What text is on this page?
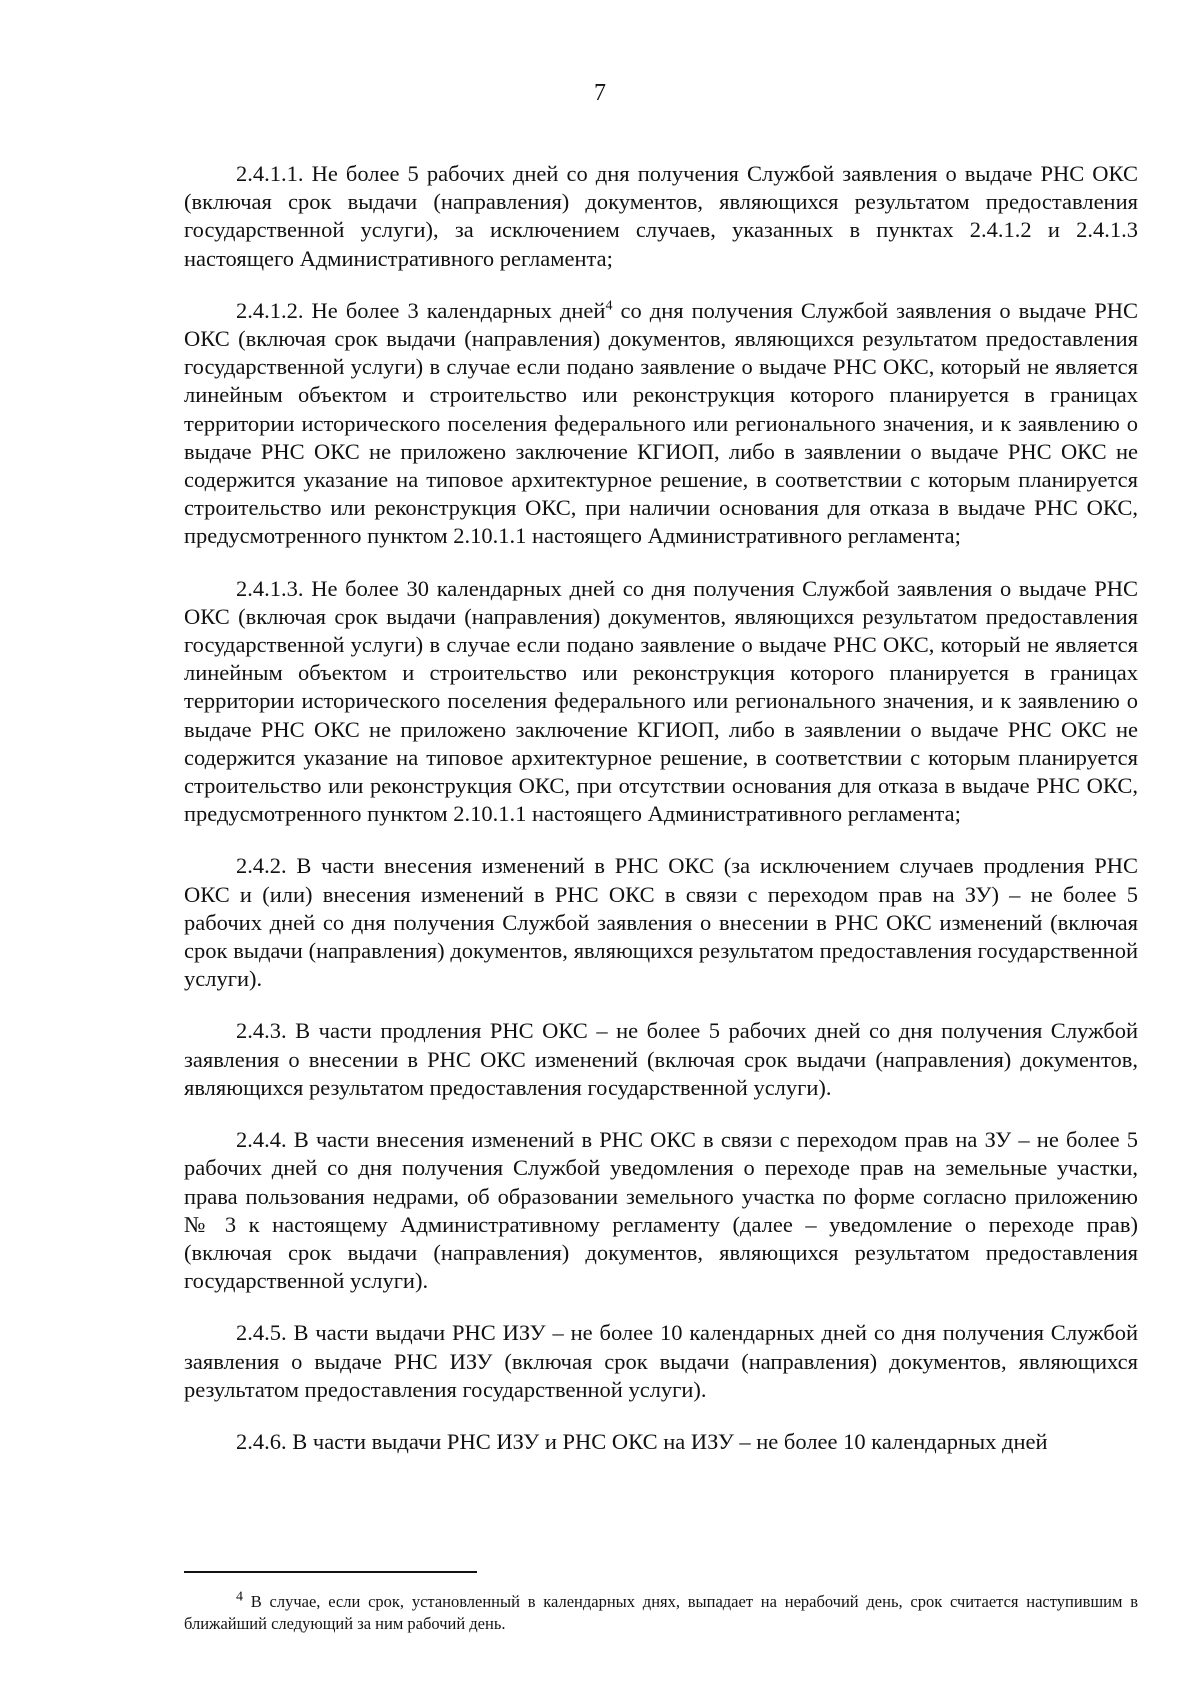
7

2.4.1.1. Не более 5 рабочих дней со дня получения Службой заявления о выдаче РНС ОКС (включая срок выдачи (направления) документов, являющихся результатом предоставления государственной услуги), за исключением случаев, указанных в пунктах 2.4.1.2 и 2.4.1.3 настоящего Административного регламента;

2.4.1.2. Не более 3 календарных дней$^4$ со дня получения Службой заявления о выдаче РНС ОКС (включая срок выдачи (направления) документов, являющихся результатом предоставления государственной услуги) в случае если подано заявление о выдаче РНС ОКС, который не является линейным объектом и строительство или реконструкция которого планируется в границах территории исторического поселения федерального или регионального значения, и к заявлению о выдаче РНС ОКС не приложено заключение КГИОП, либо в заявлении о выдаче РНС ОКС не содержится указание на типовое архитектурное решение, в соответствии с которым планируется строительство или реконструкция ОКС, при наличии основания для отказа в выдаче РНС ОКС, предусмотренного пунктом 2.10.1.1 настоящего Административного регламента;

2.4.1.3. Не более 30 календарных дней со дня получения Службой заявления о выдаче РНС ОКС (включая срок выдачи (направления) документов, являющихся результатом предоставления государственной услуги) в случае если подано заявление о выдаче РНС ОКС, который не является линейным объектом и строительство или реконструкция которого планируется в границах территории исторического поселения федерального или регионального значения, и к заявлению о выдаче РНС ОКС не приложено заключение КГИОП, либо в заявлении о выдаче РНС ОКС не содержится указание на типовое архитектурное решение, в соответствии с которым планируется строительство или реконструкция ОКС, при отсутствии основания для отказа в выдаче РНС ОКС, предусмотренного пунктом 2.10.1.1 настоящего Административного регламента;

2.4.2. В части внесения изменений в РНС ОКС (за исключением случаев продления РНС ОКС и (или) внесения изменений в РНС ОКС в связи с переходом прав на ЗУ) – не более 5 рабочих дней со дня получения Службой заявления о внесении в РНС ОКС изменений (включая срок выдачи (направления) документов, являющихся результатом предоставления государственной услуги).

2.4.3. В части продления РНС ОКС – не более 5 рабочих дней со дня получения Службой заявления о внесении в РНС ОКС изменений (включая срок выдачи (направления) документов, являющихся результатом предоставления государственной услуги).

2.4.4. В части внесения изменений в РНС ОКС в связи с переходом прав на ЗУ – не более 5 рабочих дней со дня получения Службой уведомления о переходе прав на земельные участки, права пользования недрами, об образовании земельного участка по форме согласно приложению № 3 к настоящему Административному регламенту (далее – уведомление о переходе прав) (включая срок выдачи (направления) документов, являющихся результатом предоставления государственной услуги).

2.4.5. В части выдачи РНС ИЗУ – не более 10 календарных дней со дня получения Службой заявления о выдаче РНС ИЗУ (включая срок выдачи (направления) документов, являющихся результатом предоставления государственной услуги).

2.4.6. В части выдачи РНС ИЗУ и РНС ОКС на ИЗУ – не более 10 календарных дней

$^4$ В случае, если срок, установленный в календарных днях, выпадает на нерабочий день, срок считается наступившим в ближайший следующий за ним рабочий день.
